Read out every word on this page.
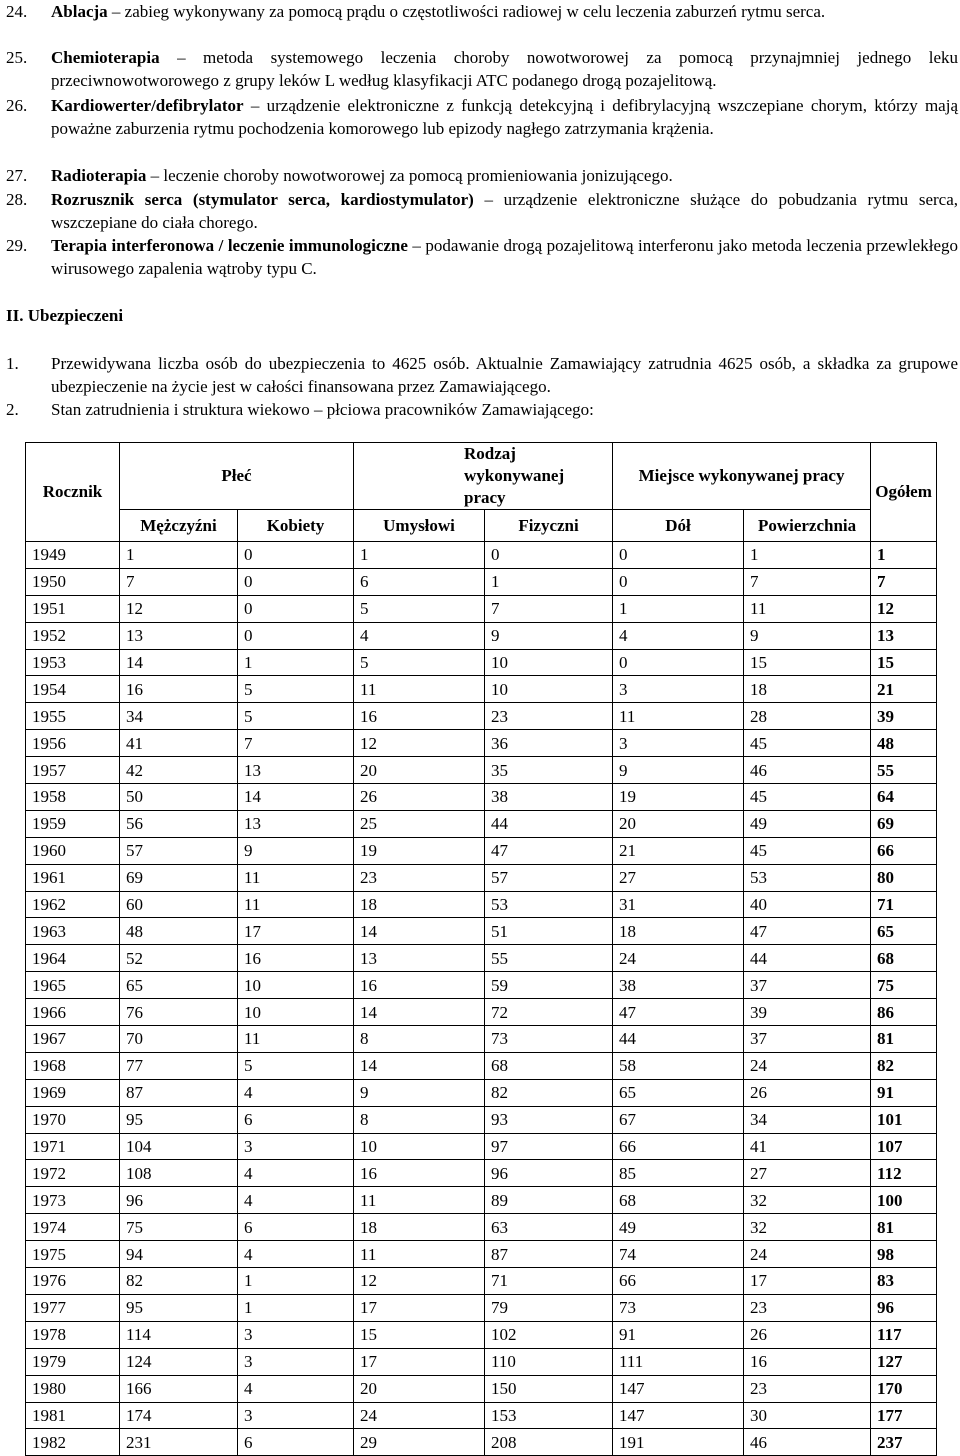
24. Ablacja – zabieg wykonywany za pomocą prądu o częstotliwości radiowej w celu leczenia zaburzeń rytmu serca.
25. Chemioterapia – metoda systemowego leczenia choroby nowotworowej za pomocą przynajmniej jednego leku przeciwnowotworowego z grupy leków L według klasyfikacji ATC podanego drogą pozajelitową.
26. Kardiowerter/defibrylator – urządzenie elektroniczne z funkcją detekcyjną i defibrylacyjną wszczepiane chorym, którzy mają poważne zaburzenia rytmu pochodzenia komorowego lub epizody nagłego zatrzymania krążenia.
27. Radioterapia – leczenie choroby nowotworowej za pomocą promieniowania jonizującego.
28. Rozrusznik serca (stymulator serca, kardiostymulator) – urządzenie elektroniczne służące do pobudzania rytmu serca, wszczepiane do ciała chorego.
29. Terapia interferonowa / leczenie immunologiczne – podawanie drogą pozajelitową interferonu jako metoda leczenia przewlekłego wirusowego zapalenia wątroby typu C.
II. Ubezpieczeni
1. Przewidywana liczba osób do ubezpieczenia to 4625 osób. Aktualnie Zamawiający zatrudnia 4625 osób, a składka za grupowe ubezpieczenie na życie jest w całości finansowana przez Zamawiającego.
2. Stan zatrudnienia i struktura wiekowo – płciowa pracowników Zamawiającego:
Rocznik	Płeć		Rodzaj wykonywanej pracy		Miejsce wykonywanej pracy		Ogółem
	Mężczyźni	Kobiety	Umysłowi	Fizyczni	Dół	Powierzchnia	
1949	1	0	1	0	0	1	1
1950	7	0	6	1	0	7	7
1951	12	0	5	7	1	11	12
1952	13	0	4	9	4	9	13
1953	14	1	5	10	0	15	15
1954	16	5	11	10	3	18	21
1955	34	5	16	23	11	28	39
1956	41	7	12	36	3	45	48
1957	42	13	20	35	9	46	55
1958	50	14	26	38	19	45	64
1959	56	13	25	44	20	49	69
1960	57	9	19	47	21	45	66
1961	69	11	23	57	27	53	80
1962	60	11	18	53	31	40	71
1963	48	17	14	51	18	47	65
1964	52	16	13	55	24	44	68
1965	65	10	16	59	38	37	75
1966	76	10	14	72	47	39	86
1967	70	11	8	73	44	37	81
1968	77	5	14	68	58	24	82
1969	87	4	9	82	65	26	91
1970	95	6	8	93	67	34	101
1971	104	3	10	97	66	41	107
1972	108	4	16	96	85	27	112
1973	96	4	11	89	68	32	100
1974	75	6	18	63	49	32	81
1975	94	4	11	87	74	24	98
1976	82	1	12	71	66	17	83
1977	95	1	17	79	73	23	96
1978	114	3	15	102	91	26	117
1979	124	3	17	110	111	16	127
1980	166	4	20	150	147	23	170
1981	174	3	24	153	147	30	177
1982	231	6	29	208	191	46	237
